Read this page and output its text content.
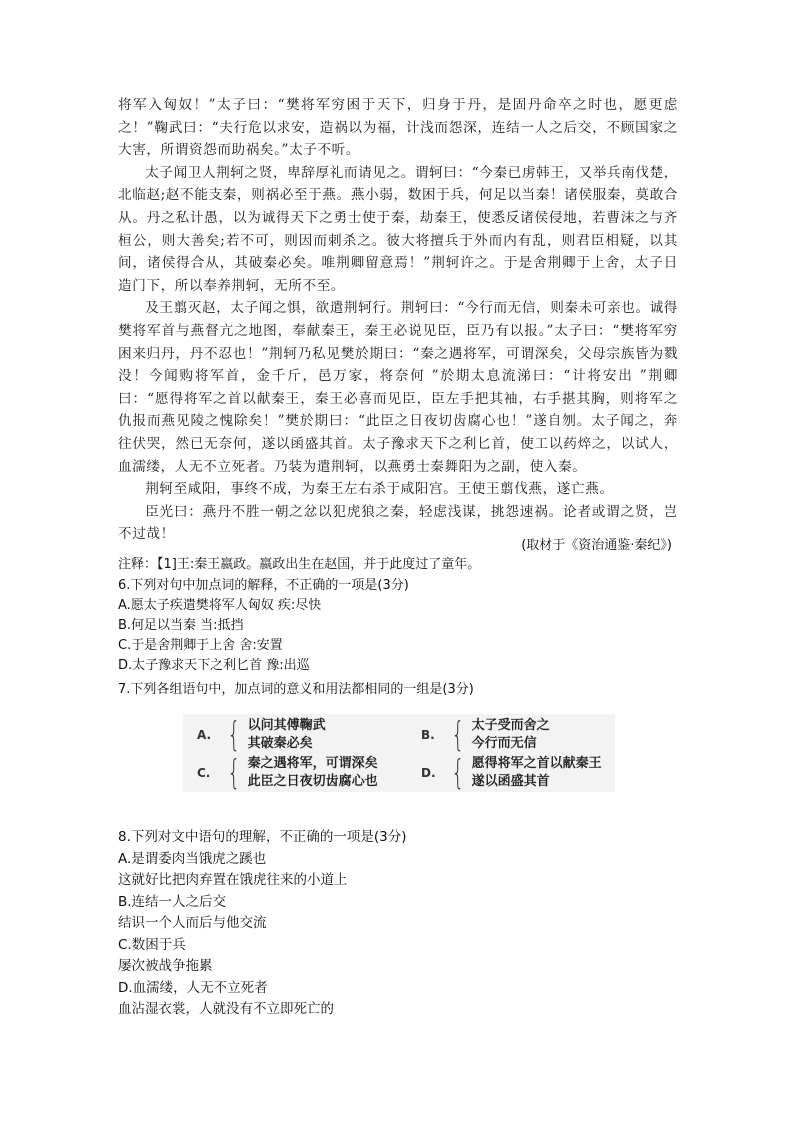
将军入匈奴！”太子曰：“樊将军穷困于天下，归身于丹，是固丹命卒之时也，愿更虑之！”鞠武曰：“夫行危以求安，造祸以为福，计浅而怨深，连结一人之后交，不顾国家之大害，所谓资怨而助祸矣。”太子不听。

太子闻卫人荆轲之贤，卑辞厚礼而请见之。谓轲曰：“今秦已虏韩王，又举兵南伐楚，北临赵;赵不能支秦，则祸必至于燕。燕小弱，数困于兵，何足以当秦！诸侯服秦，莫敢合从。丹之私计愚，以为诚得天下之勇士使于秦，劫秦王，使悉反诸侯侵地，若曹沫之与齐桓公，则大善矣;若不可，则因而刺杀之。彼大将擅兵于外而内有乱，则君臣相疑，以其间，诸侯得合从，其破秦必矣。唯荆卿留意焉！”荆轲许之。于是舍荆卿于上舍，太子日造门下，所以奉养荆轲，无所不至。

及王翦灭赵，太子闻之惧，欲遣荆轲行。荆轲曰：“今行而无信，则秦未可亲也。诚得樊将军首与燕督亢之地图，奉献秦王，秦王必说见臣，臣乃有以报。”太子曰：“樊将军穷困来归丹，丹不忍也！”荆轲乃私见樊於期曰：“秦之遇将军，可谓深矣，父母宗族皆为戮没！今闻购将军首，金千斤，邑万家，将奈何 ”於期太息流涕曰：“计将安出 ”荆卿曰：“愿得将军之首以献秦王，秦王必喜而见臣，臣左手把其袖，右手揕其胸，则将军之仇报而燕见陵之愧除矣！”樊於期曰：“此臣之日夜切齿腐心也！”遂自刎。太子闻之，奔往伏哭，然已无奈何，遂以函盛其首。太子豫求天下之利匕首，使工以药焠之，以试人，血濡缕，人无不立死者。乃装为遣荆轲，以燕勇士秦舞阳为之副，使入秦。

荆轲至咸阳，事终不成，为秦王左右杀于咸阳宫。王使王翦伐燕，遂亡燕。

臣光曰：燕丹不胜一朝之忿以犯虎狼之秦，轻虑浅谋，挑怨速祸。论者或谓之贤，岂不过哉！

(取材于《资治通鉴·秦纪》)
注释：【1]王:秦王嬴政。嬴政出生在赵国，并于此度过了童年。
6.下列对句中加点词的解释，不正确的一项是(3分)
A.愿太子疾遣樊将军人匈奴 疾:尽快
B.何足以当秦 当:抵挡
C.于是舍荆卿于上舍 舍:安置
D.太子豫求天下之利匕首 豫:出巡
7.下列各组语句中，加点词的意义和用法都相同的一组是(3分)
A. { 以问其傅鞠武
其破秦必矣
B. { 太子受而舍之
今行而无信
C. { 秦之遇将军，可谓深矣
此臣之日夜切齿腐心也
D. { 愿得将军之首以献秦王
遂以函盛其首
8.下列对文中语句的理解，不正确的一项是(3分)
A.是谓委肉当饿虎之蹊也
这就好比把肉弃置在饿虎往来的小道上
B.连结一人之后交
结识一个人而后与他交流
C.数困于兵
屡次被战争拖累
D.血濡缕，人无不立死者
血沾湿衣裳，人就没有不立即死亡的
